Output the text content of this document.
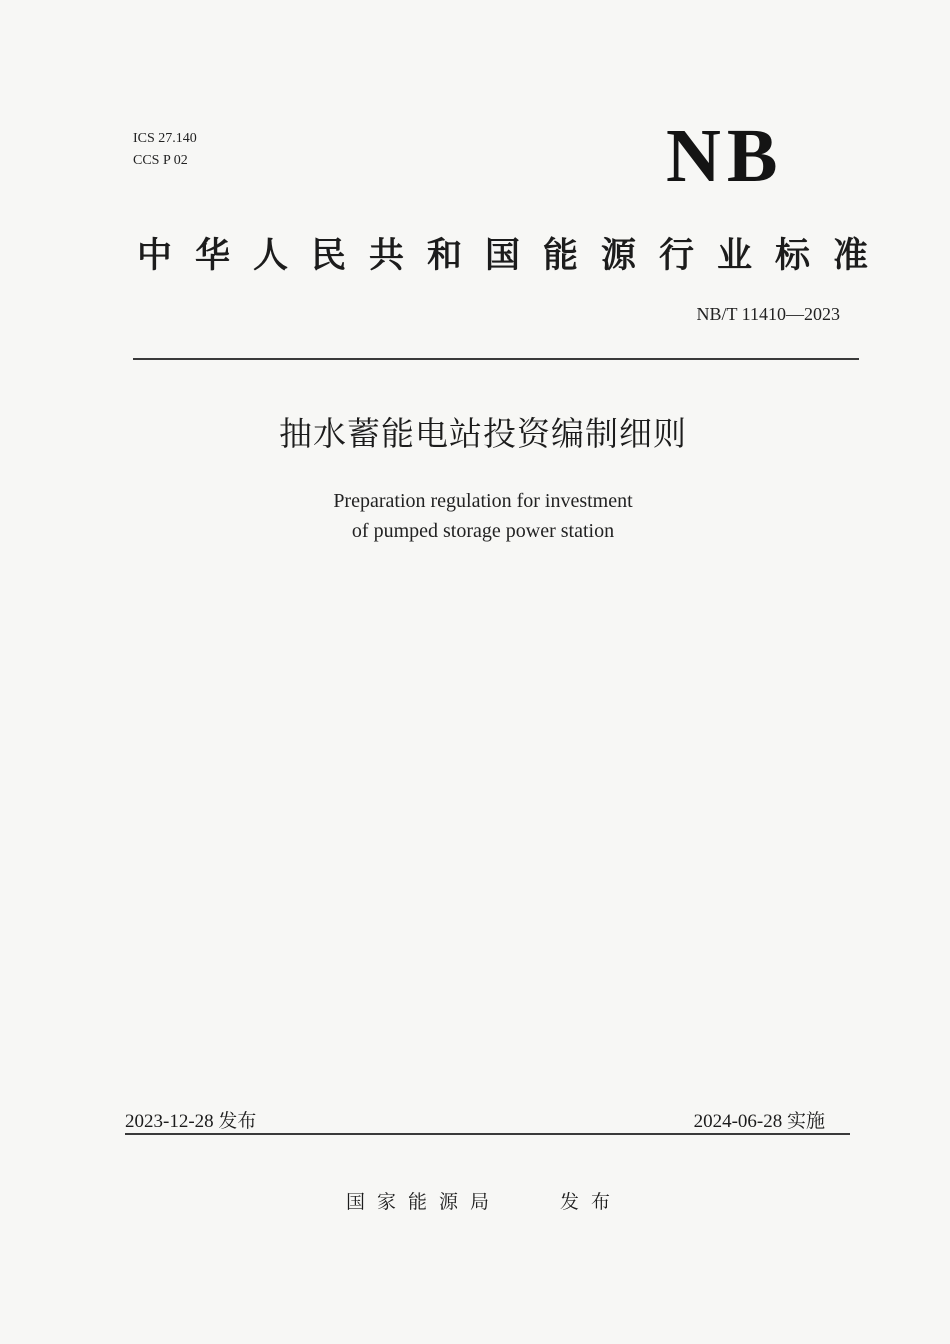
ICS 27.140
CCS P 02	NB
中华人民共和国能源行业标准
NB/T 11410—2023
抽水蓄能电站投资编制细则
Preparation regulation for investment
of pumped storage power station
2023-12-28 发布	2024-06-28 实施
国家能源局	发布
